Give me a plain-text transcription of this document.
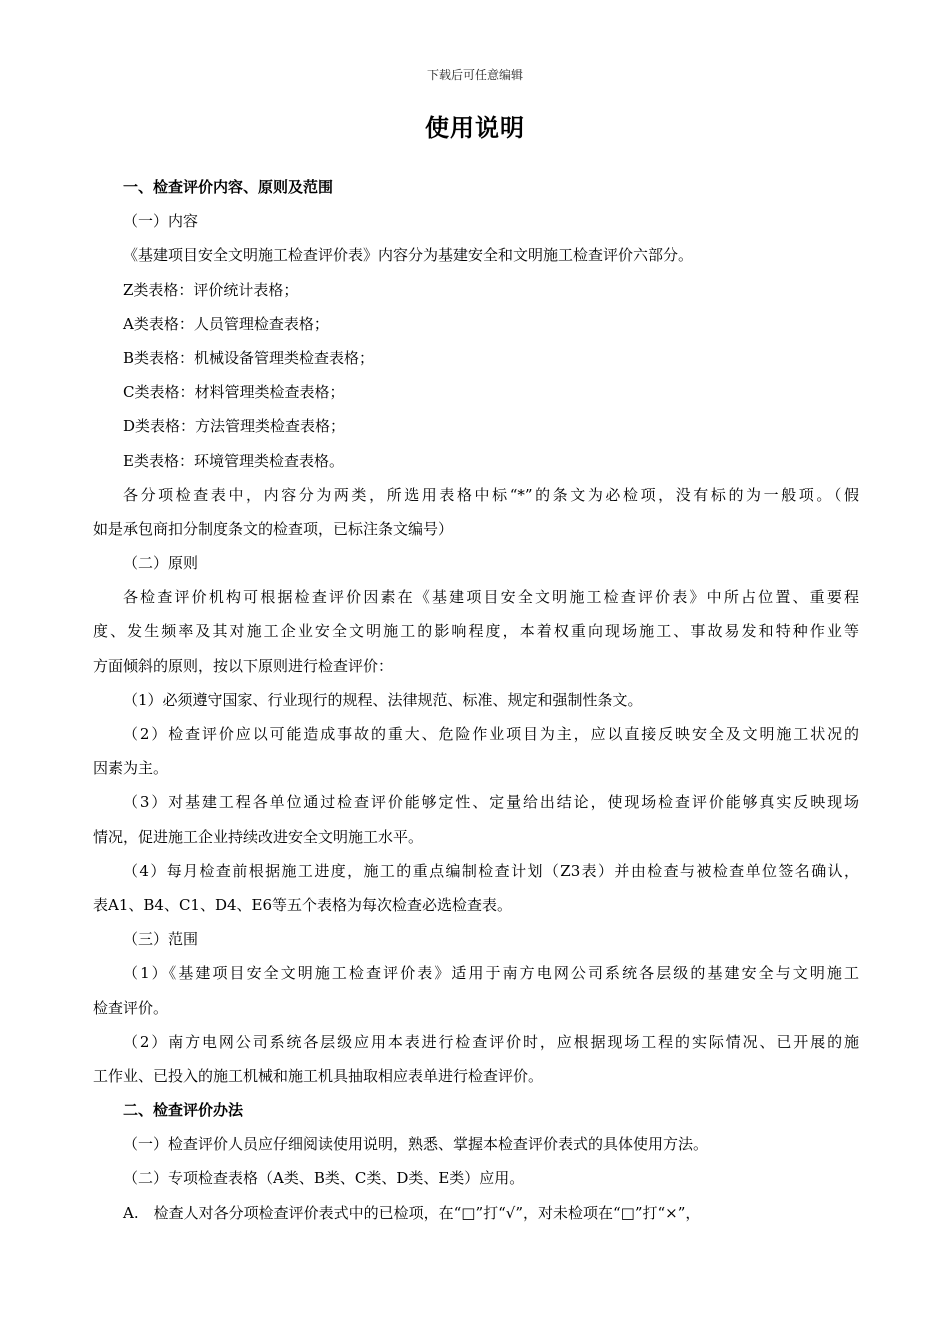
下载后可任意编辑
使用说明
一、检查评价内容、原则及范围
（一）内容
《基建项目安全文明施工检查评价表》内容分为基建安全和文明施工检查评价六部分。
Z类表格：评价统计表格；
A类表格：人员管理检查表格；
B类表格：机械设备管理类检查表格；
C类表格：材料管理类检查表格；
D类表格：方法管理类检查表格；
E类表格：环境管理类检查表格。
各分项检查表中，内容分为两类，所选用表格中标“*”的条文为必检项，没有标的为一般项。（假
如是承包商扣分制度条文的检查项，已标注条文编号）
（二）原则
各检查评价机构可根据检查评价因素在《基建项目安全文明施工检查评价表》中所占位置、重要程
度、发生频率及其对施工企业安全文明施工的影响程度，本着权重向现场施工、事故易发和特种作业等
方面倾斜的原则，按以下原则进行检查评价：
（1）必须遵守国家、行业现行的规程、法律规范、标准、规定和强制性条文。
（2）检查评价应以可能造成事故的重大、危险作业项目为主，应以直接反映安全及文明施工状况的
因素为主。
（3）对基建工程各单位通过检查评价能够定性、定量给出结论，使现场检查评价能够真实反映现场
情况，促进施工企业持续改进安全文明施工水平。
（4）每月检查前根据施工进度，施工的重点编制检查计划（Z3表）并由检查与被检查单位签名确认，
表A1、B4、C1、D4、E6等五个表格为每次检查必选检查表。
（三）范围
（1）《基建项目安全文明施工检查评价表》适用于南方电网公司系统各层级的基建安全与文明施工
检查评价。
（2）南方电网公司系统各层级应用本表进行检查评价时，应根据现场工程的实际情况、已开展的施
工作业、已投入的施工机械和施工机具抽取相应表单进行检查评价。
二、检查评价办法
（一）检查评价人员应仔细阅读使用说明，熟悉、掌握本检查评价表式的具体使用方法。
（二）专项检查表格（A类、B类、C类、D类、E类）应用。
A.　检查人对各分项检查评价表式中的已检项，在“□”打“√”，对未检项在“□”打“×”，
